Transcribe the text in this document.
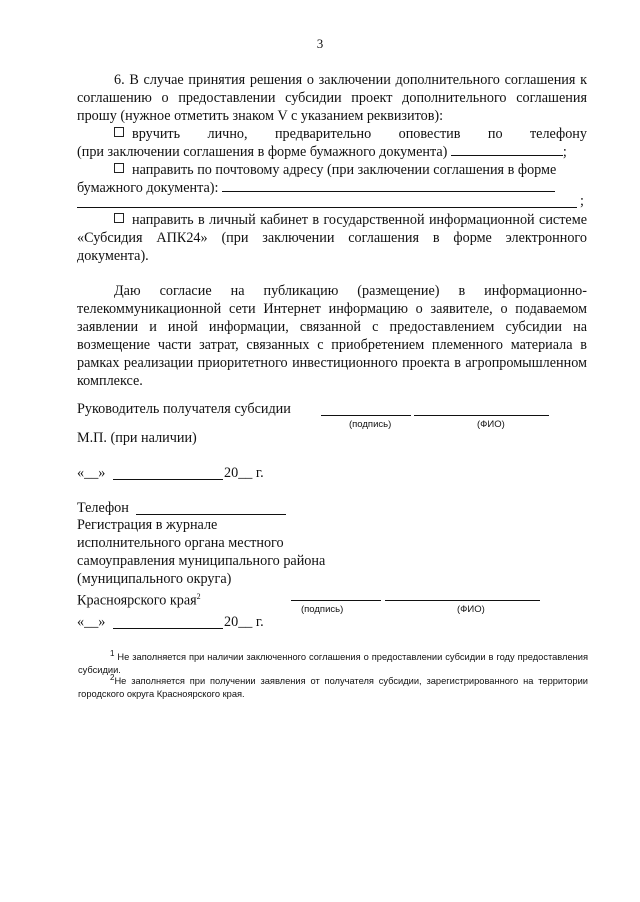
3
6. В случае принятия решения о заключении дополнительного соглашения к соглашению о предоставлении субсидии проект дополнительного соглашения прошу (нужное отметить знаком V с указанием реквизитов):
вручить лично, предварительно оповестив по телефону
(при заключении соглашения в форме бумажного документа)	;
направить по почтовому адресу (при заключении соглашения в форме
бумажного документа):
;
направить в личный кабинет в государственной информационной системе «Субсидия АПК24» (при заключении соглашения в форме электронного документа).
Даю согласие на публикацию (размещение) в информационно-телекоммуникационной сети Интернет информацию о заявителе, о подаваемом заявлении и иной информации, связанной с предоставлением субсидии на возмещение части затрат, связанных с приобретением племенного материала в рамках реализации приоритетного инвестиционного проекта в агропромышленном комплексе.
Руководитель получателя субсидии
(подпись)	(ФИО)
М.П. (при наличии)
«__»	20__ г.
Телефон
Регистрация в журнале
исполнительного органа местного
самоуправления муниципального района
(муниципального округа)
Красноярского края$^2$
(подпись)	(ФИО)
«__»	20__ г.
$^1$ Не заполняется при наличии заключенного соглашения о предоставлении субсидии в году предоставления субсидии.
$^2$Не заполняется при получении заявления от получателя субсидии, зарегистрированного на территории городского округа Красноярского края.
